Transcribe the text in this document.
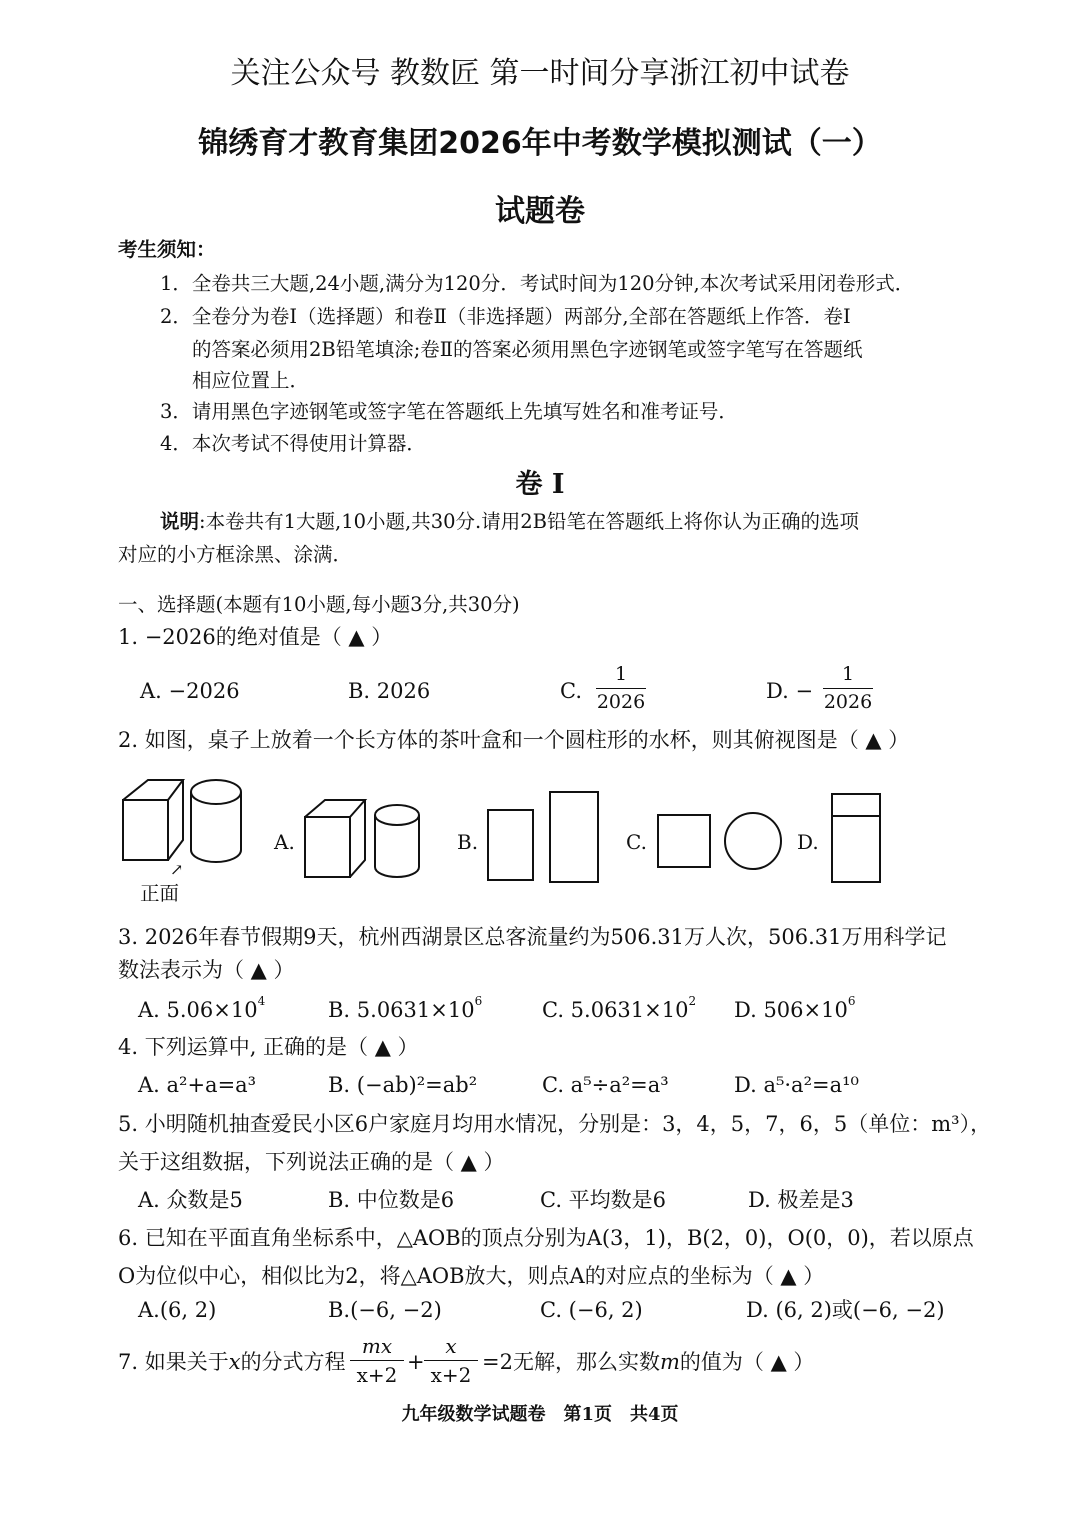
关注公众号 教数匠 第一时间分享浙江初中试卷
锦绣育才教育集团2026年中考数学模拟测试（一）
试题卷
考生须知：
1．全卷共三大题,24小题,满分为120分．考试时间为120分钟,本次考试采用闭卷形式．
2．全卷分为卷Ⅰ（选择题）和卷Ⅱ（非选择题）两部分,全部在答题纸上作答．卷Ⅰ
的答案必须用2B铅笔填涂;卷Ⅱ的答案必须用黑色字迹钢笔或签字笔写在答题纸
相应位置上．
3．请用黑色字迹钢笔或签字笔在答题纸上先填写姓名和准考证号．
4．本次考试不得使用计算器．
卷 Ⅰ
说明:本卷共有1大题,10小题,共30分.请用2B铅笔在答题纸上将你认为正确的选项
对应的小方框涂黑、涂满．
一、选择题(本题有10小题,每小题3分,共30分)
1. −2026的绝对值是（ ▲ ）
A. −2026	B. 2026	C.
1
2026	D. −
1
2026
2. 如图，桌子上放着一个长方体的茶叶盒和一个圆柱形的水杯，则其俯视图是（ ▲ ）
↗
正面
A.	B.	C.	D.
3. 2026年春节假期9天，杭州西湖景区总客流量约为506.31万人次，506.31万用科学记
数法表示为（ ▲ ）
A. $5.06\times 10^4$	B. $5.0631\times 10^6$	C. $5.0631\times 10^2$ D. $506\times 10^6$
4. 下列运算中, 正确的是（ ▲ ）
A. a²+a=a³	B. (−ab)²=ab²	C. a⁵÷a²=a³	D. a⁵·a²=a¹⁰
5. 小明随机抽查爱民小区6户家庭月均用水情况，分别是：3，4，5，7，6，5（单位：m³），
关于这组数据，下列说法正确的是（ ▲ ）
A. 众数是5	B. 中位数是6	C. 平均数是6	D. 极差是3
6. 已知在平面直角坐标系中，△AOB的顶点分别为A(3，1)，B(2，0)，O(0，0)，若以原点
O为位似中心，相似比为2，将△AOB放大，则点A的对应点的坐标为（ ▲ ）
A.(6, 2)	B.(−6, −2)	C. (−6, 2)	D. (6, 2)或(−6, −2)
7. 如果关于x的分式方程
mx
x+2
+
x
x+2
=2无解，那么实数m的值为（ ▲ ）
九年级数学试题卷　第1页　共4页
